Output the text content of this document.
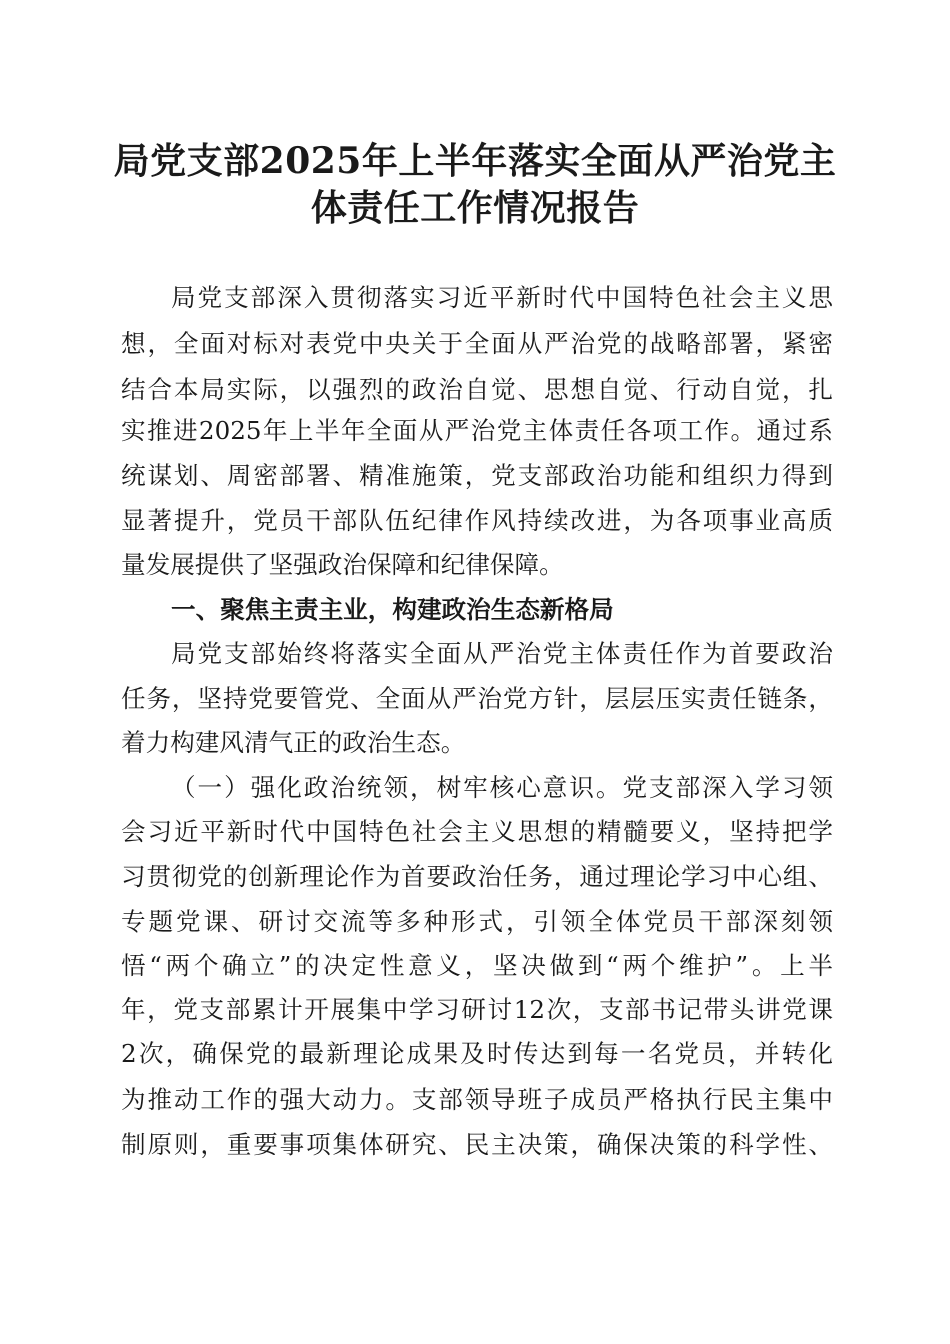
局党支部2025年上半年落实全面从严治党主
体责任工作情况报告
局党支部深入贯彻落实习近平新时代中国特色社会主义思
想，全面对标对表党中央关于全面从严治党的战略部署，紧密
结合本局实际，以强烈的政治自觉、思想自觉、行动自觉，扎
实推进2025年上半年全面从严治党主体责任各项工作。通过系
统谋划、周密部署、精准施策，党支部政治功能和组织力得到
显著提升，党员干部队伍纪律作风持续改进，为各项事业高质
量发展提供了坚强政治保障和纪律保障。
一、聚焦主责主业，构建政治生态新格局
局党支部始终将落实全面从严治党主体责任作为首要政治
任务，坚持党要管党、全面从严治党方针，层层压实责任链条，
着力构建风清气正的政治生态。
（一）强化政治统领，树牢核心意识。党支部深入学习领
会习近平新时代中国特色社会主义思想的精髓要义，坚持把学
习贯彻党的创新理论作为首要政治任务，通过理论学习中心组、
专题党课、研讨交流等多种形式，引领全体党员干部深刻领
悟“两个确立”的决定性意义，坚决做到“两个维护”。上半
年，党支部累计开展集中学习研讨12次，支部书记带头讲党课
2次，确保党的最新理论成果及时传达到每一名党员，并转化
为推动工作的强大动力。支部领导班子成员严格执行民主集中
制原则，重要事项集体研究、民主决策，确保决策的科学性、
